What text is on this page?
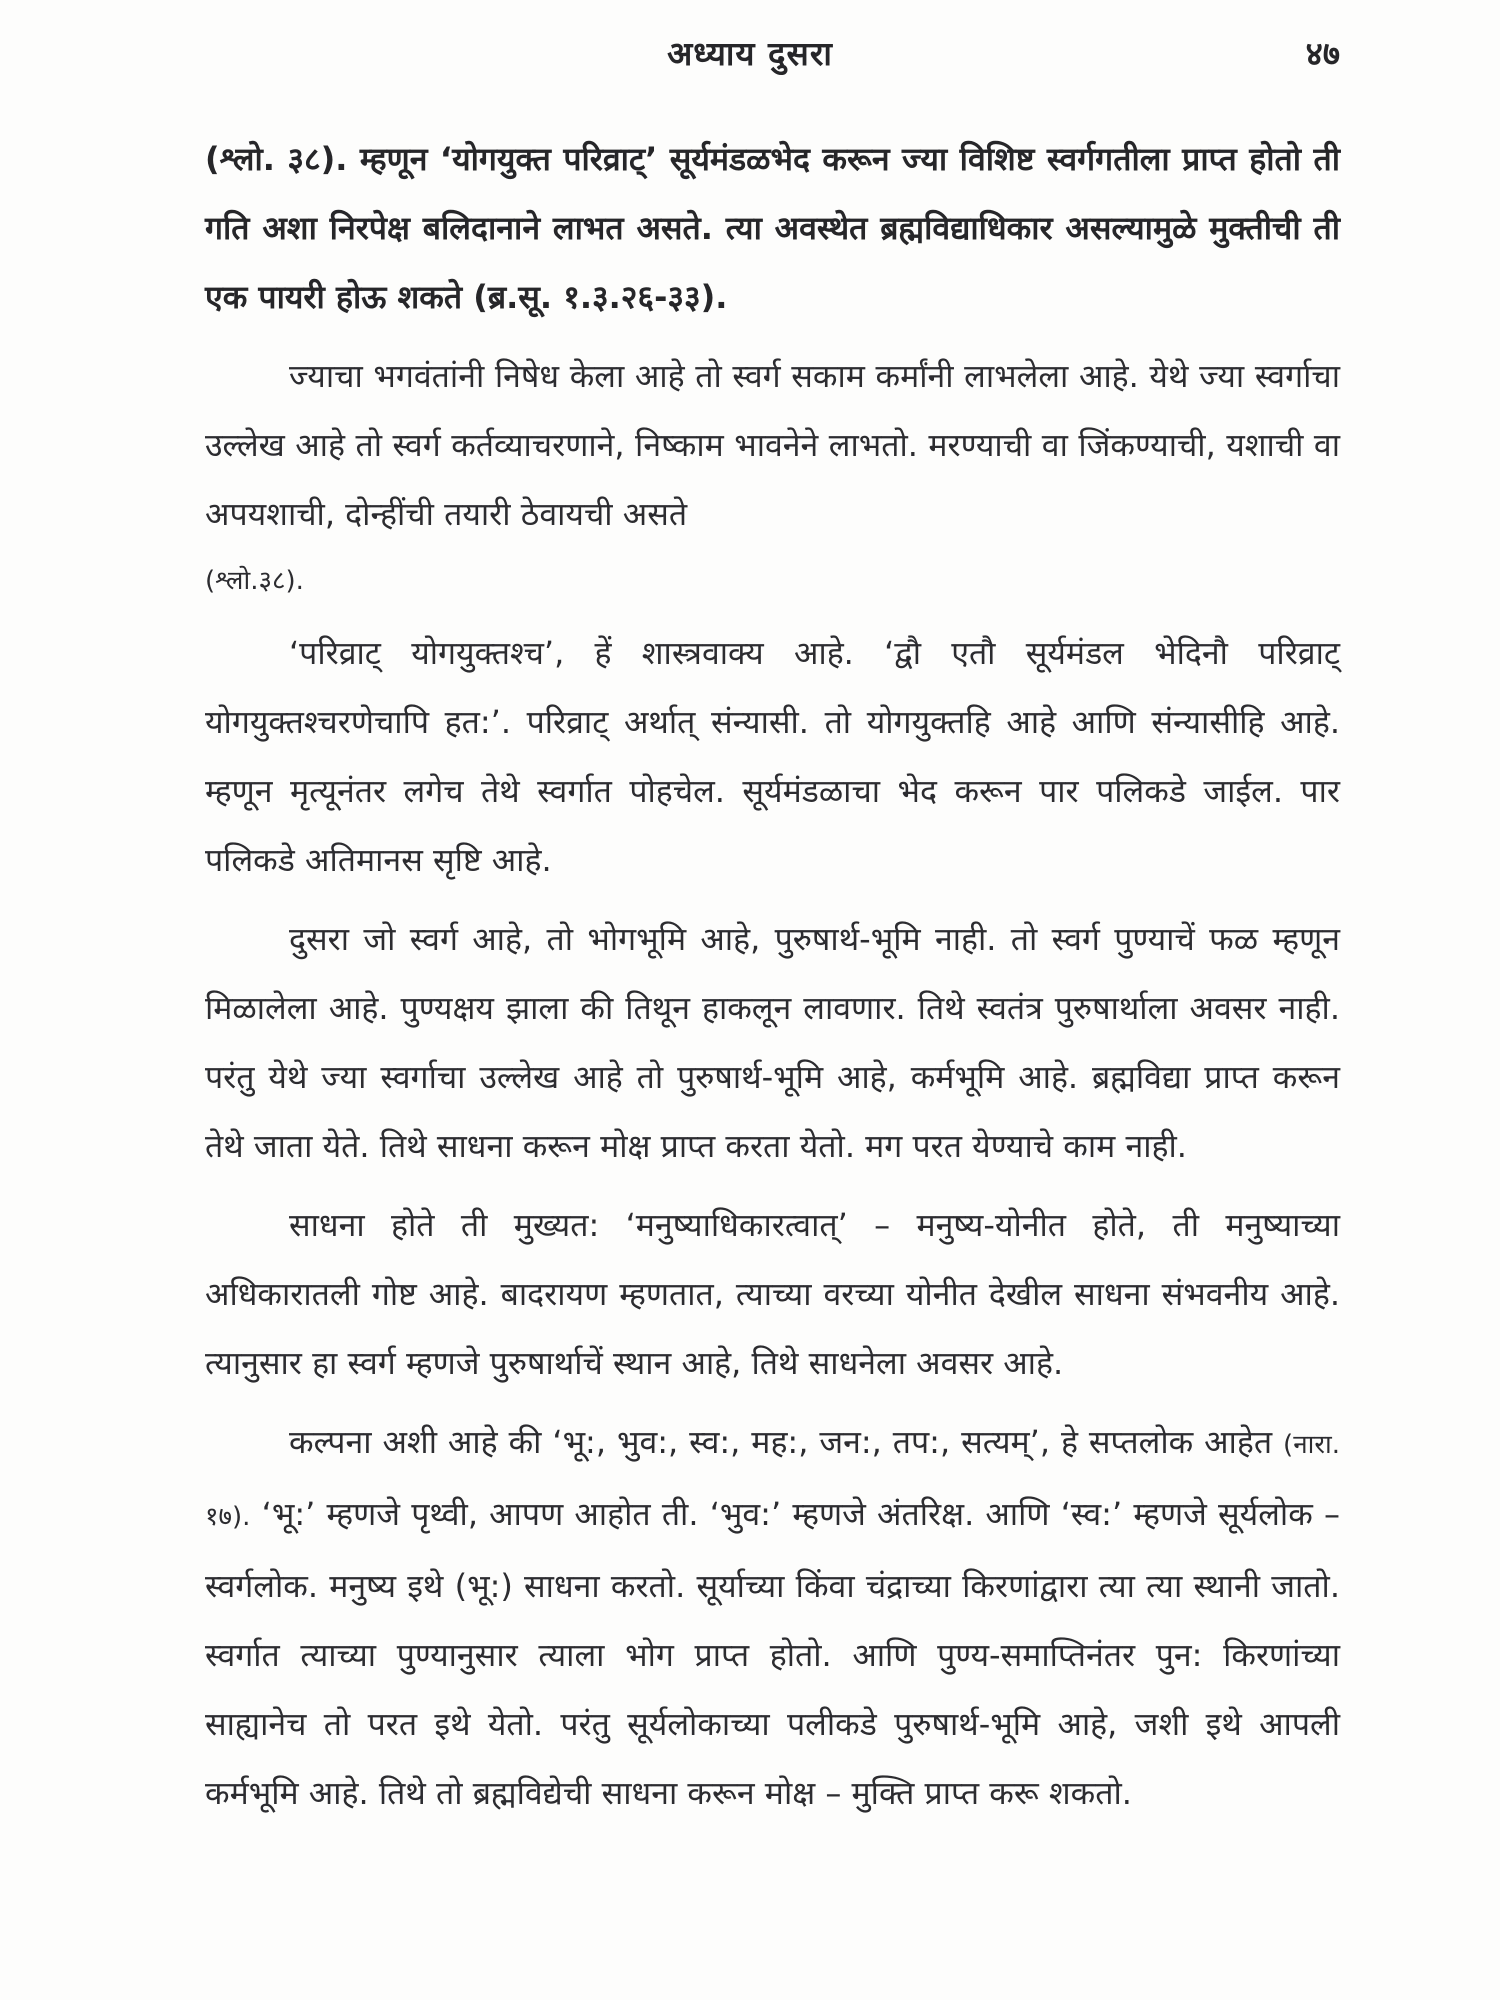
अध्याय दुसरा	४७

(श्लो. ३८). म्हणून ‘योगयुक्त परिव्राट्’ सूर्यमंडळभेद करून ज्या विशिष्ट स्वर्गगतीला प्राप्त होतो ती गति अशा निरपेक्ष बलिदानाने लाभत असते. त्या अवस्थेत ब्रह्मविद्याधिकार असल्यामुळे मुक्तीची ती एक पायरी होऊ शकते (ब्र.सू. १.३.२६-३३).

ज्याचा भगवंतांनी निषेध केला आहे तो स्वर्ग सकाम कर्मांनी लाभलेला आहे. येथे ज्या स्वर्गाचा उल्लेख आहे तो स्वर्ग कर्तव्याचरणाने, निष्काम भावनेने लाभतो. मरण्याची वा जिंकण्याची, यशाची वा अपयशाची, दोन्हींची तयारी ठेवायची असते

(श्लो.३८).

‘परिव्राट् योगयुक्तश्च’, हें शास्त्रवाक्य आहे. ‘द्वौ एतौ सूर्यमंडल भेदिनौ परिव्राट् योगयुक्तश्चरणेचापि हत:’. परिव्राट् अर्थात् संन्यासी. तो योगयुक्तहि आहे आणि संन्यासीहि आहे. म्हणून मृत्यूनंतर लगेच तेथे स्वर्गात पोहचेल. सूर्यमंडळाचा भेद करून पार पलिकडे जाईल. पार पलिकडे अतिमानस सृष्टि आहे.

दुसरा जो स्वर्ग आहे, तो भोगभूमि आहे, पुरुषार्थ-भूमि नाही. तो स्वर्ग पुण्याचें फळ म्हणून मिळालेला आहे. पुण्यक्षय झाला की तिथून हाकलून लावणार. तिथे स्वतंत्र पुरुषार्थाला अवसर नाही. परंतु येथे ज्या स्वर्गाचा उल्लेख आहे तो पुरुषार्थ-भूमि आहे, कर्मभूमि आहे. ब्रह्मविद्या प्राप्त करून तेथे जाता येते. तिथे साधना करून मोक्ष प्राप्त करता येतो. मग परत येण्याचे काम नाही.

साधना होते ती मुख्यत: ‘मनुष्याधिकारत्वात्’ – मनुष्य-योनीत होते, ती मनुष्याच्या अधिकारातली गोष्ट आहे. बादरायण म्हणतात, त्याच्या वरच्या योनीत देखील साधना संभवनीय आहे. त्यानुसार हा स्वर्ग म्हणजे पुरुषार्थाचें स्थान आहे, तिथे साधनेला अवसर आहे.

कल्पना अशी आहे की ‘भू:, भुव:, स्व:, मह:, जन:, तप:, सत्यम्’, हे सप्तलोक आहेत (नारा. १७). ‘भू:’ म्हणजे पृथ्वी, आपण आहोत ती. ‘भुव:’ म्हणजे अंतरिक्ष. आणि ‘स्व:’ म्हणजे सूर्यलोक – स्वर्गलोक. मनुष्य इथे (भू:) साधना करतो. सूर्याच्या किंवा चंद्राच्या किरणांद्वारा त्या त्या स्थानी जातो. स्वर्गात त्याच्या पुण्यानुसार त्याला भोग प्राप्त होतो. आणि पुण्य-समाप्तिनंतर पुन: किरणांच्या साह्यानेच तो परत इथे येतो. परंतु सूर्यलोकाच्या पलीकडे पुरुषार्थ-भूमि आहे, जशी इथे आपली कर्मभूमि आहे. तिथे तो ब्रह्मविद्येची साधना करून मोक्ष – मुक्ति प्राप्त करू शकतो.
